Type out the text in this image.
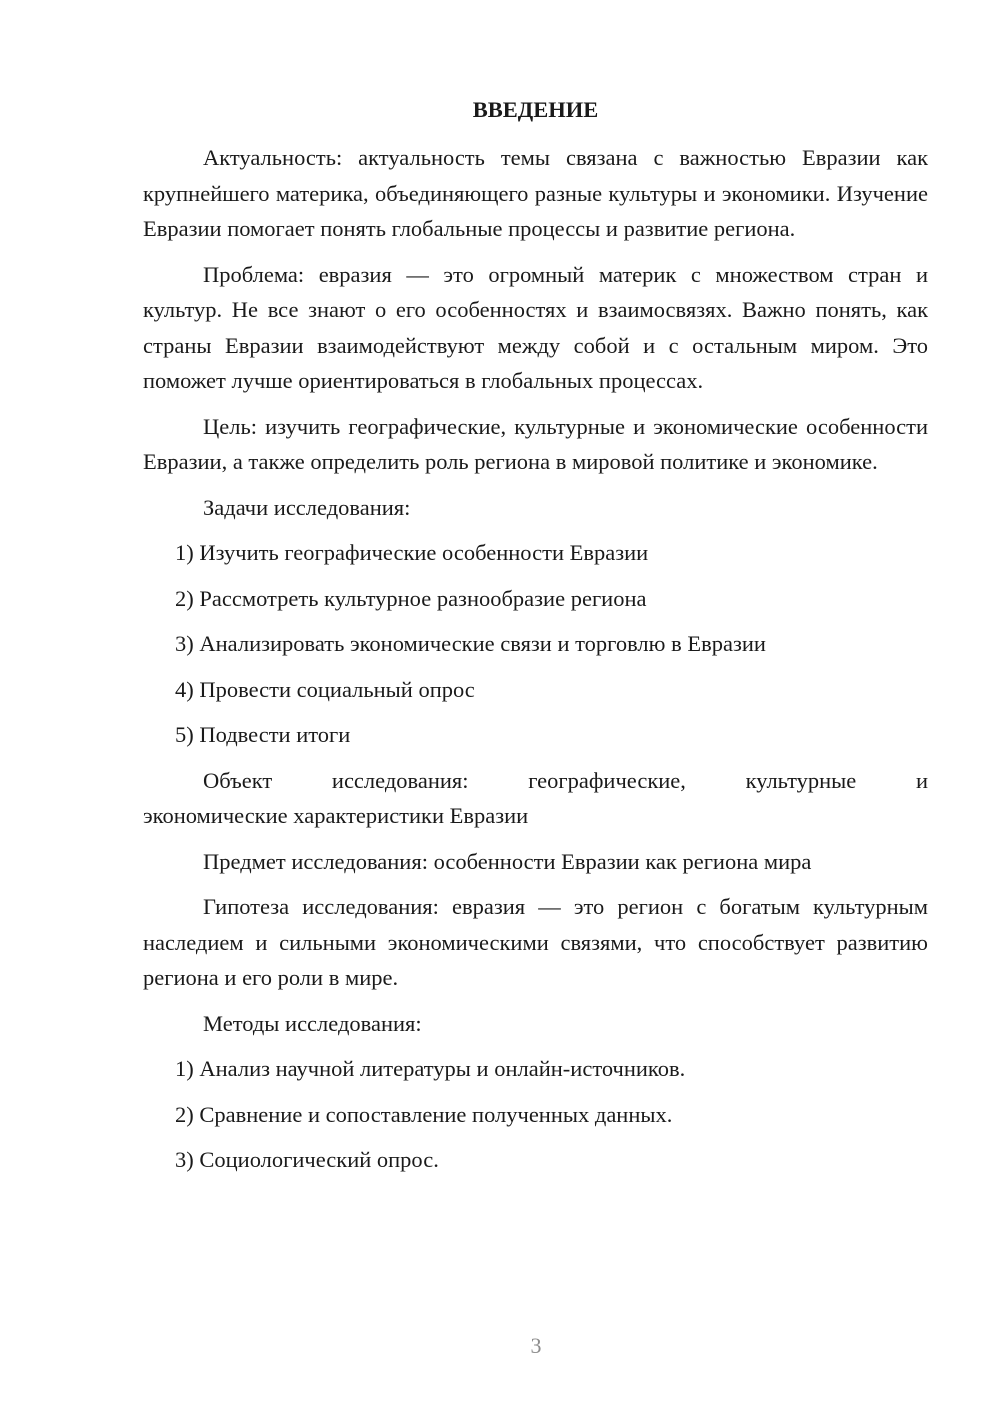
ВВЕДЕНИЕ

Актуальность: актуальность темы связана с важностью Евразии как крупнейшего материка, объединяющего разные культуры и экономики. Изучение Евразии помогает понять глобальные процессы и развитие региона.

Проблема: евразия — это огромный материк с множеством стран и культур. Не все знают о его особенностях и взаимосвязях. Важно понять, как страны Евразии взаимодействуют между собой и с остальным миром. Это поможет лучше ориентироваться в глобальных процессах.

Цель: изучить географические, культурные и экономические особенности Евразии, а также определить роль региона в мировой политике и экономике.

Задачи исследования:

1) Изучить географические особенности Евразии

2) Рассмотреть культурное разнообразие региона

3) Анализировать экономические связи и торговлю в Евразии

4) Провести социальный опрос

5) Подвести итоги

Объект исследования: географические, культурные и

экономические характеристики Евразии

Предмет исследования: особенности Евразии как региона мира

Гипотеза исследования: евразия — это регион с богатым культурным наследием и сильными экономическими связями, что способствует развитию региона и его роли в мире.

Методы исследования:

1) Анализ научной литературы и онлайн-источников.

2) Сравнение и сопоставление полученных данных.

3) Социологический опрос.

3
